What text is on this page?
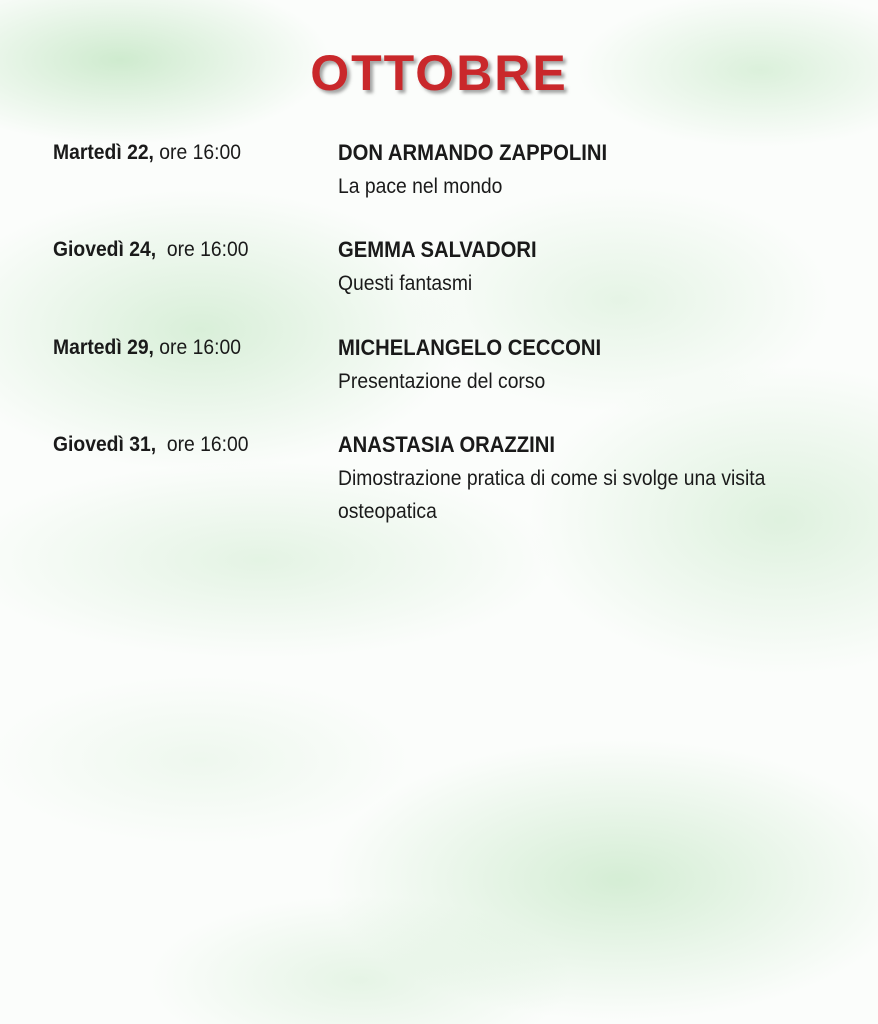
OTTOBRE
Martedì 22, ore 16:00	DON ARMANDO ZAPPOLINI
La pace nel mondo
Giovedì 24,  ore 16:00	GEMMA SALVADORI
Questi fantasmi
Martedì 29, ore 16:00	MICHELANGELO CECCONI
Presentazione del corso
Giovedì 31,  ore 16:00	ANASTASIA ORAZZINI
Dimostrazione pratica di come si svolge una visita osteopatica
